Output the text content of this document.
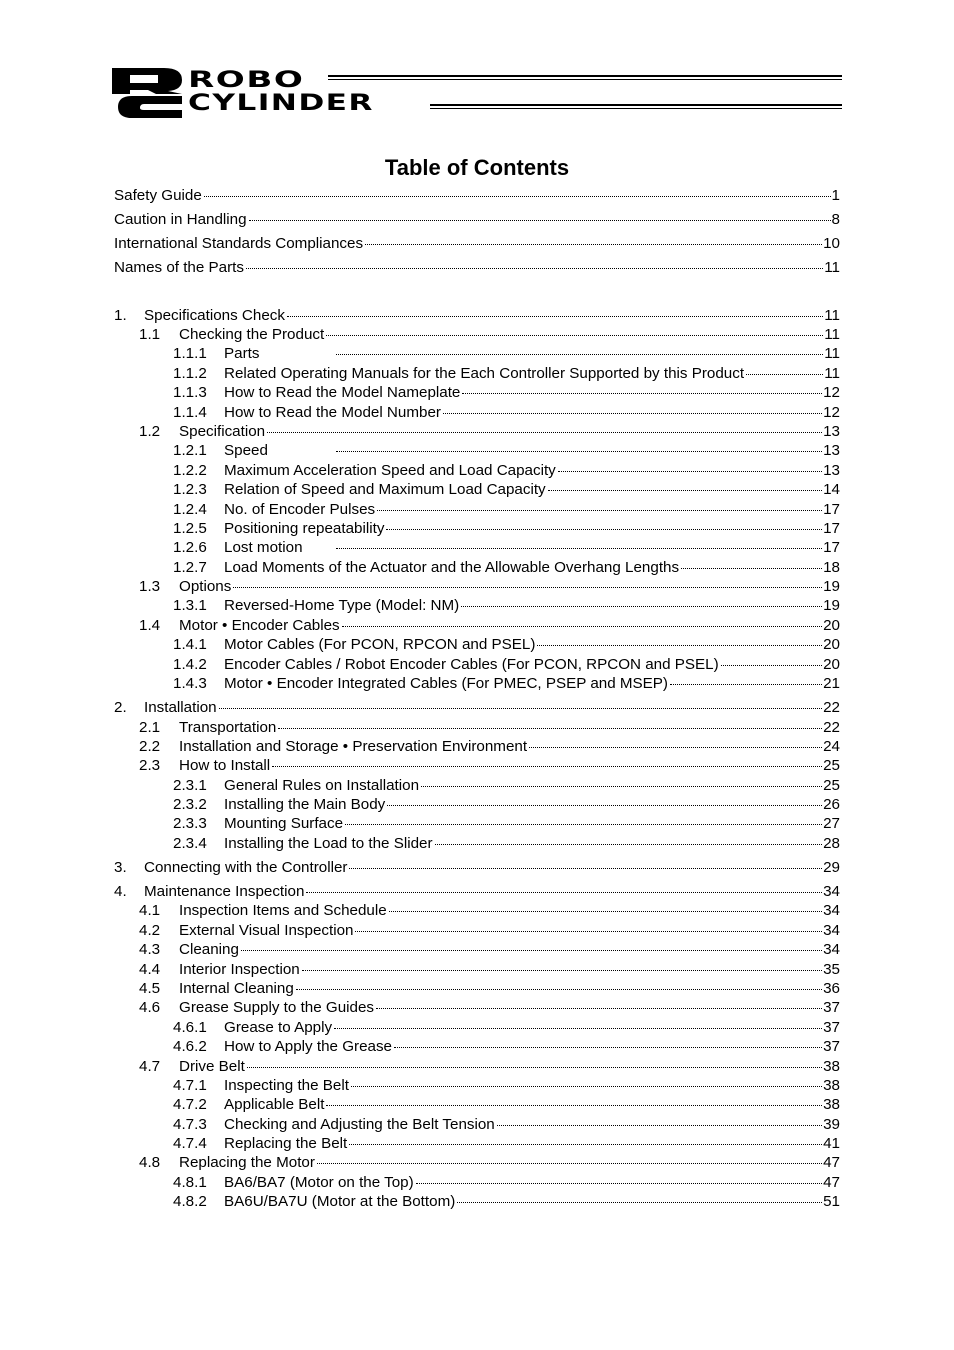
ROBO
CYLINDER
Table of Contents
Safety Guide	1
Caution in Handling	8
International Standards Compliances	10
Names of the Parts	11
1.	Specifications Check	11
1.1	Checking the Product	11
1.1.1	Parts	11
1.1.2	Related Operating Manuals for the Each Controller Supported by this Product	11
1.1.3	How to Read the Model Nameplate	12
1.1.4	How to Read the Model Number	12
1.2	Specification	13
1.2.1	Speed	13
1.2.2	Maximum Acceleration Speed and Load Capacity	13
1.2.3	Relation of Speed and Maximum Load Capacity	14
1.2.4	No. of Encoder Pulses	17
1.2.5	Positioning repeatability	17
1.2.6	Lost motion	17
1.2.7	Load Moments of the Actuator and the Allowable Overhang Lengths	18
1.3	Options	19
1.3.1	Reversed-Home Type (Model: NM)	19
1.4	Motor • Encoder Cables	20
1.4.1	Motor Cables (For PCON, RPCON and PSEL)	20
1.4.2	Encoder Cables / Robot Encoder Cables (For PCON, RPCON and PSEL)	20
1.4.3	Motor • Encoder Integrated Cables (For PMEC, PSEP and MSEP)	21
2.	Installation	22
2.1	Transportation	22
2.2	Installation and Storage • Preservation Environment	24
2.3	How to Install	25
2.3.1	General Rules on Installation	25
2.3.2	Installing the Main Body	26
2.3.3	Mounting Surface	27
2.3.4	Installing the Load to the Slider	28
3.	Connecting with the Controller	29
4.	Maintenance Inspection	34
4.1	Inspection Items and Schedule	34
4.2	External Visual Inspection	34
4.3	Cleaning	34
4.4	Interior Inspection	35
4.5	Internal Cleaning	36
4.6	Grease Supply to the Guides	37
4.6.1	Grease to Apply	37
4.6.2	How to Apply the Grease	37
4.7	Drive Belt	38
4.7.1	Inspecting the Belt	38
4.7.2	Applicable Belt	38
4.7.3	Checking and Adjusting the Belt Tension	39
4.7.4	Replacing the Belt	41
4.8	Replacing the Motor	47
4.8.1	BA6/BA7 (Motor on the Top)	47
4.8.2	BA6U/BA7U (Motor at the Bottom)	51
